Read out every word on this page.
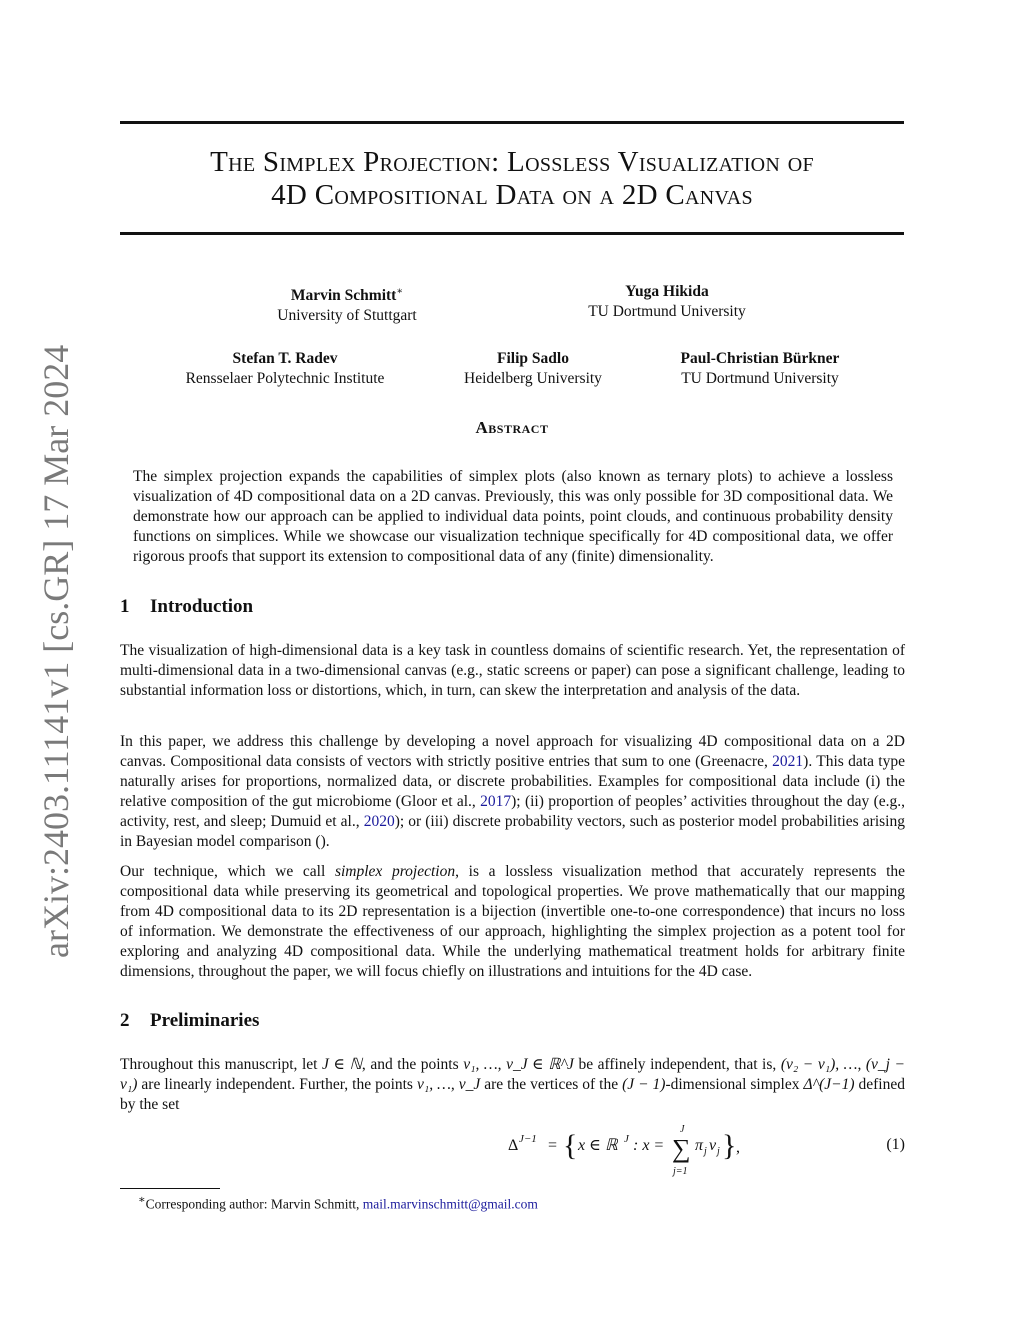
arXiv:2403.11141v1 [cs.GR] 17 Mar 2024
The Simplex Projection: Lossless Visualization of
4D Compositional Data on a 2D Canvas
Marvin Schmitt∗
University of Stuttgart
Yuga Hikida
TU Dortmund University
Stefan T. Radev
Rensselaer Polytechnic Institute
Filip Sadlo
Heidelberg University
Paul-Christian Bürkner
TU Dortmund University
Abstract

The simplex projection expands the capabilities of simplex plots (also known as ternary plots) to achieve a lossless visualization of 4D compositional data on a 2D canvas. Previously, this was only possible for 3D compositional data. We demonstrate how our approach can be applied to individual data points, point clouds, and continuous probability density functions on simplices. While we showcase our visualization technique specifically for 4D compositional data, we offer rigorous proofs that support its extension to compositional data of any (finite) dimensionality.

1 Introduction

The visualization of high-dimensional data is a key task in countless domains of scientific research. Yet, the representation of multi-dimensional data in a two-dimensional canvas (e.g., static screens or paper) can pose a significant challenge, leading to substantial information loss or distortions, which, in turn, can skew the interpretation and analysis of the data.

In this paper, we address this challenge by developing a novel approach for visualizing 4D compositional data on a 2D canvas. Compositional data consists of vectors with strictly positive entries that sum to one (Greenacre, 2021). This data type naturally arises for proportions, normalized data, or discrete probabilities. Examples for compositional data include (i) the relative composition of the gut microbiome (Gloor et al., 2017); (ii) proportion of peoples’ activities throughout the day (e.g., activity, rest, and sleep; Dumuid et al., 2020); or (iii) discrete probability vectors, such as posterior model probabilities arising in Bayesian model comparison ().

Our technique, which we call simplex projection, is a lossless visualization method that accurately represents the compositional data while preserving its geometrical and topological properties. We prove mathematically that our mapping from 4D compositional data to its 2D representation is a bijection (invertible one-to-one correspondence) that incurs no loss of information. We demonstrate the effectiveness of our approach, highlighting the simplex projection as a potent tool for exploring and analyzing 4D compositional data. While the underlying mathematical treatment holds for arbitrary finite dimensions, throughout the paper, we will focus chiefly on illustrations and intuitions for the 4D case.

2 Preliminaries

Throughout this manuscript, let J ∈ ℕ, and the points v₁, …, v_J ∈ ℝ^J be affinely independent, that is, (v₂ − v₁), …, (v_j − v₁) are linearly independent. Further, the points v₁, …, v_J are the vertices of the (J − 1)-dimensional simplex Δ^(J−1) defined by the set

Δ J−1 = { x ∈ ℝ J : x =
J
∑
j=1
π j v j } ,	(1)
∗Corresponding author: Marvin Schmitt, mail.marvinschmitt@gmail.com
